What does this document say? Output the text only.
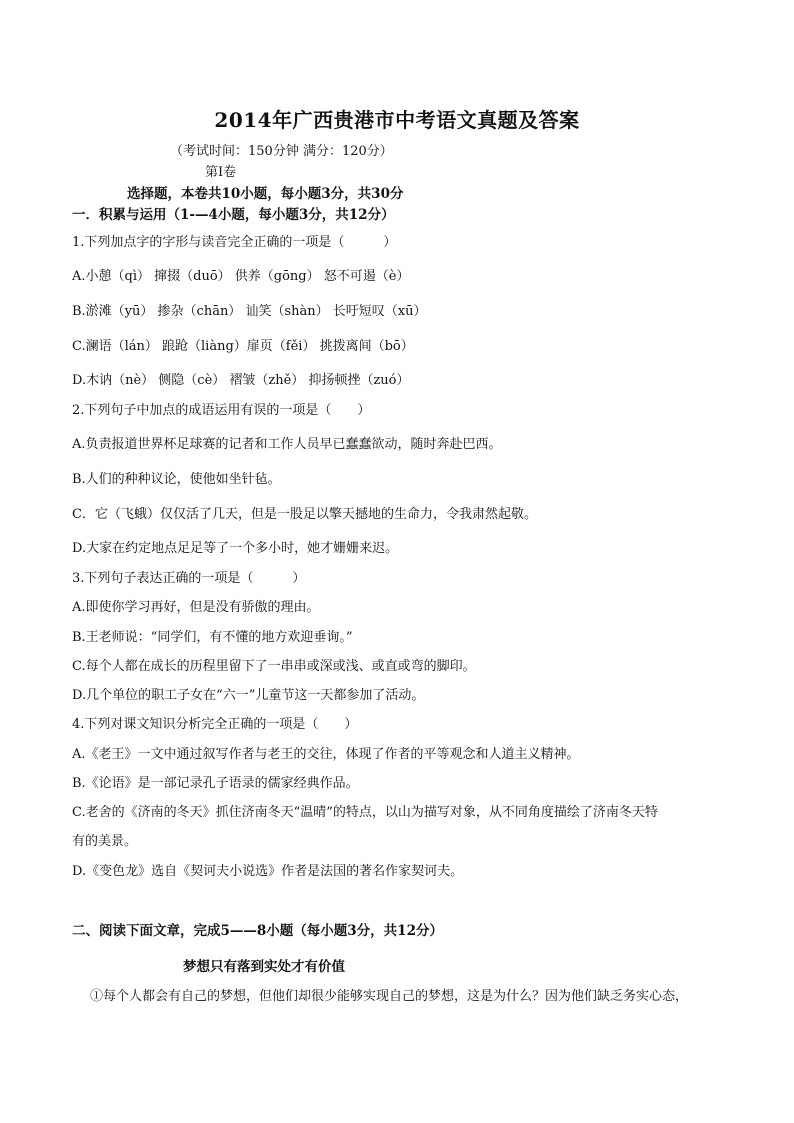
2014年广西贵港市中考语文真题及答案
（考试时间：150分钟 满分：120分）
第Ⅰ卷
选择题，本卷共10小题，每小题3分，共30分
一．积累与运用（1-—4小题，每小题3分，共12分）
1.下列加点字的字形与读音完全正确的一项是（　　　）
A.小憩（qì） 撺掇（duō） 供养（gōng） 怒不可遏（è）
B.淤滩（yū） 掺杂（chān） 讪笑（shàn） 长吁短叹（xū）
C.澜语（lán） 踉跄（liàng）扉页（fěi） 挑拨离间（bō）
D.木讷（nè） 侧隐（cè） 褶皱（zhě） 抑扬顿挫（zuó）
2.下列句子中加点的成语运用有误的一项是（　　）
A.负责报道世界杯足球赛的记者和工作人员早已蠢蠢欲动，随时奔赴巴西。
B.人们的种种议论，使他如坐针毡。
C．它（飞蛾）仅仅活了几天，但是一股足以擎天撼地的生命力，令我肃然起敬。
D.大家在约定地点足足等了一个多小时，她才姗姗来迟。
3.下列句子表达正确的一项是（　　　）
A.即使你学习再好，但是没有骄傲的理由。
B.王老师说：“同学们，有不懂的地方欢迎垂询。”
C.每个人都在成长的历程里留下了一串串或深或浅、或直或弯的脚印。
D.几个单位的职工子女在“六一”儿童节这一天都参加了活动。
4.下列对课文知识分析完全正确的一项是（　　）
A.《老王》一文中通过叙写作者与老王的交往，体现了作者的平等观念和人道主义精神。
B.《论语》是一部记录孔子语录的儒家经典作品。
C.老舍的《济南的冬天》抓住济南冬天“温晴”的特点，以山为描写对象，从不同角度描绘了济南冬天特
有的美景。
D.《变色龙》选自《契诃夫小说选》作者是法国的著名作家契诃夫。
二、阅读下面文章，完成5——8小题（每小题3分，共12分）
梦想只有落到实处才有价值
①每个人都会有自己的梦想，但他们却很少能够实现自己的梦想，这是为什么？因为他们缺乏务实心态，
